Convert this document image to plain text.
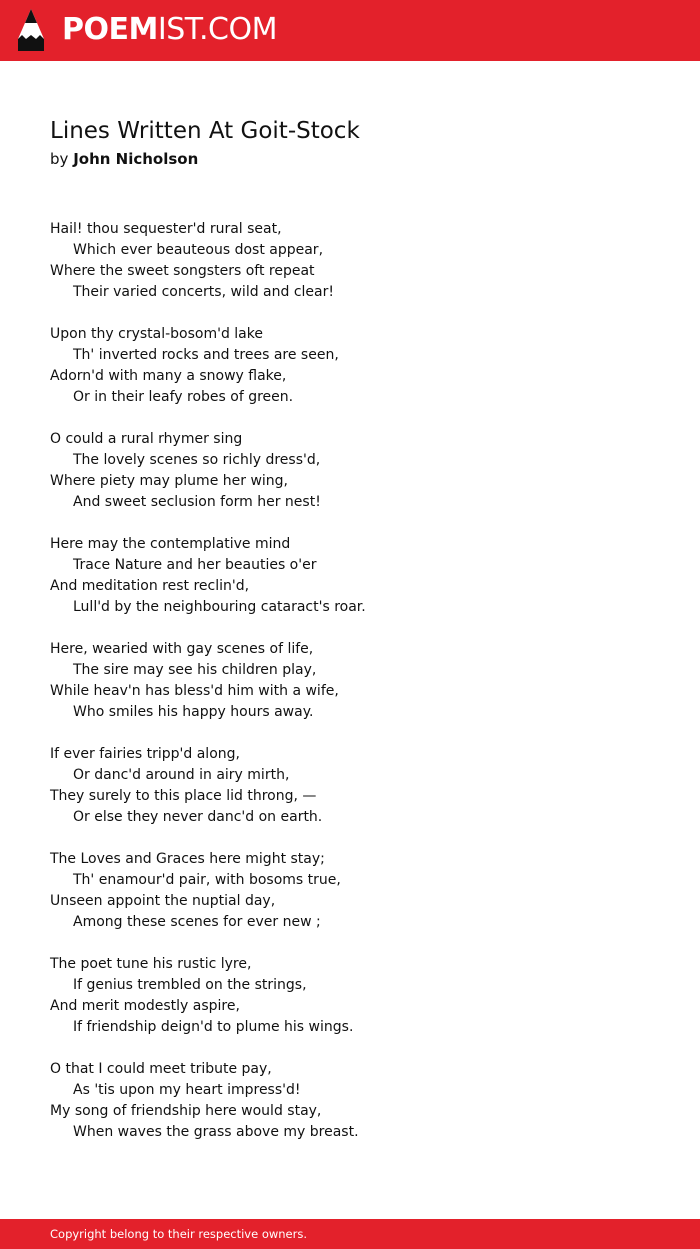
POEMIST.COM
Lines Written At Goit-Stock
by John Nicholson
Hail! thou sequester'd rural seat,
Which ever beauteous dost appear,
Where the sweet songsters oft repeat
Their varied concerts, wild and clear!
Upon thy crystal-bosom'd lake
Th' inverted rocks and trees are seen,
Adorn'd with many a snowy flake,
Or in their leafy robes of green.
O could a rural rhymer sing
The lovely scenes so richly dress'd,
Where piety may plume her wing,
And sweet seclusion form her nest!
Here may the contemplative mind
Trace Nature and her beauties o'er
And meditation rest reclin'd,
Lull'd by the neighbouring cataract's roar.
Here, wearied with gay scenes of life,
The sire may see his children play,
While heav'n has bless'd him with a wife,
Who smiles his happy hours away.
If ever fairies tripp'd along,
Or danc'd around in airy mirth,
They surely to this place lid throng, —
Or else they never danc'd on earth.
The Loves and Graces here might stay;
Th' enamour'd pair, with bosoms true,
Unseen appoint the nuptial day,
Among these scenes for ever new ;
The poet tune his rustic lyre,
If genius trembled on the strings,
And merit modestly aspire,
If friendship deign'd to plume his wings.
O that I could meet tribute pay,
As 'tis upon my heart impress'd!
My song of friendship here would stay,
When waves the grass above my breast.
Copyright belong to their respective owners.
